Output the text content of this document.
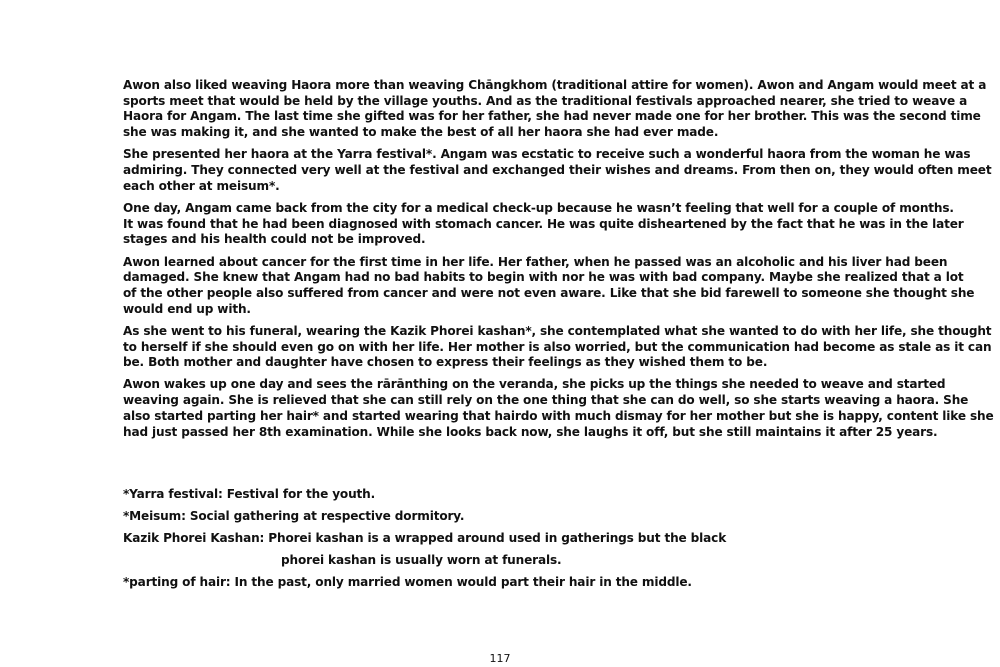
Awon also liked weaving Haora more than weaving Chāngkhom (traditional attire for women). Awon and Angam would meet at a
sports meet that would be held by the village youths. And as the traditional festivals approached nearer, she tried to weave a
Haora for Angam. The last time she gifted was for her father, she had never made one for her brother. This was the second time
she was making it, and she wanted to make the best of all her haora she had ever made.
She presented her haora at the Yarra festival*. Angam was ecstatic to receive such a wonderful haora from the woman he was
admiring. They connected very well at the festival and exchanged their wishes and dreams. From then on, they would often meet
each other at meisum*.
One day, Angam came back from the city for a medical check-up because he wasn’t feeling that well for a couple of months.
It was found that he had been diagnosed with stomach cancer. He was quite disheartened by the fact that he was in the later
stages and his health could not be improved.
Awon learned about cancer for the first time in her life. Her father, when he passed was an alcoholic and his liver had been
damaged. She knew that Angam had no bad habits to begin with nor he was with bad company. Maybe she realized that a lot
of the other people also suffered from cancer and were not even aware. Like that she bid farewell to someone she thought she
would end up with.
As she went to his funeral, wearing the Kazik Phorei kashan*, she contemplated what she wanted to do with her life, she thought
to herself if she should even go on with her life. Her mother is also worried, but the communication had become as stale as it can
be. Both mother and daughter have chosen to express their feelings as they wished them to be.
Awon wakes up one day and sees the rārānthing on the veranda, she picks up the things she needed to weave and started
weaving again. She is relieved that she can still rely on the one thing that she can do well, so she starts weaving a haora. She
also started parting her hair* and started wearing that hairdo with much dismay for her mother but she is happy, content like she
had just passed her 8th examination. While she looks back now, she laughs it off, but she still maintains it after 25 years.
*Yarra festival: Festival for the youth.
*Meisum: Social gathering at respective dormitory.
Kazik Phorei Kashan: Phorei kashan is a wrapped around used in gatherings but the black
phorei kashan is usually worn at funerals.
*parting of hair: In the past, only married women would part their hair in the middle.
117
